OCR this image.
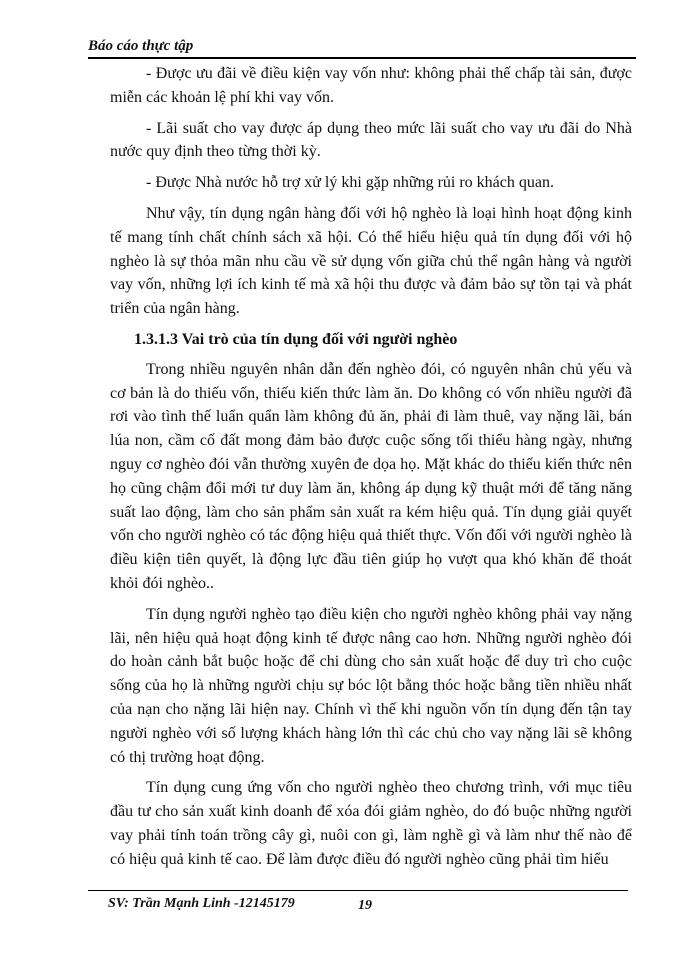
Báo cáo thực tập

- Được ưu đãi về điều kiện vay vốn như: không phải thế chấp tài sản, được miễn các khoản lệ phí khi vay vốn.

- Lãi suất cho vay được áp dụng theo mức lãi suất cho vay ưu đãi do Nhà nước quy định theo từng thời kỳ.

- Được Nhà nước hỗ trợ xử lý khi gặp những rủi ro khách quan.

Như vậy, tín dụng ngân hàng đối với hộ nghèo là loại hình hoạt động kinh tế mang tính chất chính sách xã hội. Có thể hiểu hiệu quả tín dụng đối với hộ nghèo là sự thỏa mãn nhu cầu về sử dụng vốn giữa chủ thể ngân hàng và người vay vốn, những lợi ích kinh tế mà xã hội thu được và đảm bảo sự tồn tại và phát triển của ngân hàng.

1.3.1.3 Vai trò của tín dụng đối với người nghèo

Trong nhiều nguyên nhân dẫn đến nghèo đói, có nguyên nhân chủ yếu và cơ bản là do thiếu vốn, thiếu kiến thức làm ăn. Do không có vốn nhiều người đã rơi vào tình thế luẩn quẩn làm không đủ ăn, phải đi làm thuê, vay nặng lãi, bán lúa non, cầm cố đất mong đảm bảo được cuộc sống tối thiểu hàng ngày, nhưng nguy cơ nghèo đói vẫn thường xuyên đe dọa họ. Mặt khác do thiếu kiến thức nên họ cũng chậm đổi mới tư duy làm ăn, không áp dụng kỹ thuật mới để tăng năng suất lao động, làm cho sản phẩm sản xuất ra kém hiệu quả. Tín dụng giải quyết vốn cho người nghèo có tác động hiệu quả thiết thực. Vốn đối với người nghèo là điều kiện tiên quyết, là động lực đầu tiên giúp họ vượt qua khó khăn để thoát khỏi đói nghèo..

Tín dụng người nghèo tạo điều kiện cho người nghèo không phải vay nặng lãi, nên hiệu quả hoạt động kinh tế được nâng cao hơn. Những người nghèo đói do hoàn cảnh bắt buộc hoặc để chi dùng cho sản xuất hoặc để duy trì cho cuộc sống của họ là những người chịu sự bóc lột bằng thóc hoặc bằng tiền nhiều nhất của nạn cho nặng lãi hiện nay. Chính vì thế khi nguồn vốn tín dụng đến tận tay người nghèo với số lượng khách hàng lớn thì các chủ cho vay nặng lãi sẽ không có thị trường hoạt động.

Tín dụng cung ứng vốn cho người nghèo theo chương trình, với mục tiêu đầu tư cho sản xuất kinh doanh để xóa đói giảm nghèo, do đó buộc những người vay phải tính toán trồng cây gì, nuôi con gì, làm nghề gì và làm như thế nào để có hiệu quả kinh tế cao. Để làm được điều đó người nghèo cũng phải tìm hiểu

SV: Trần Mạnh Linh -12145179	19
